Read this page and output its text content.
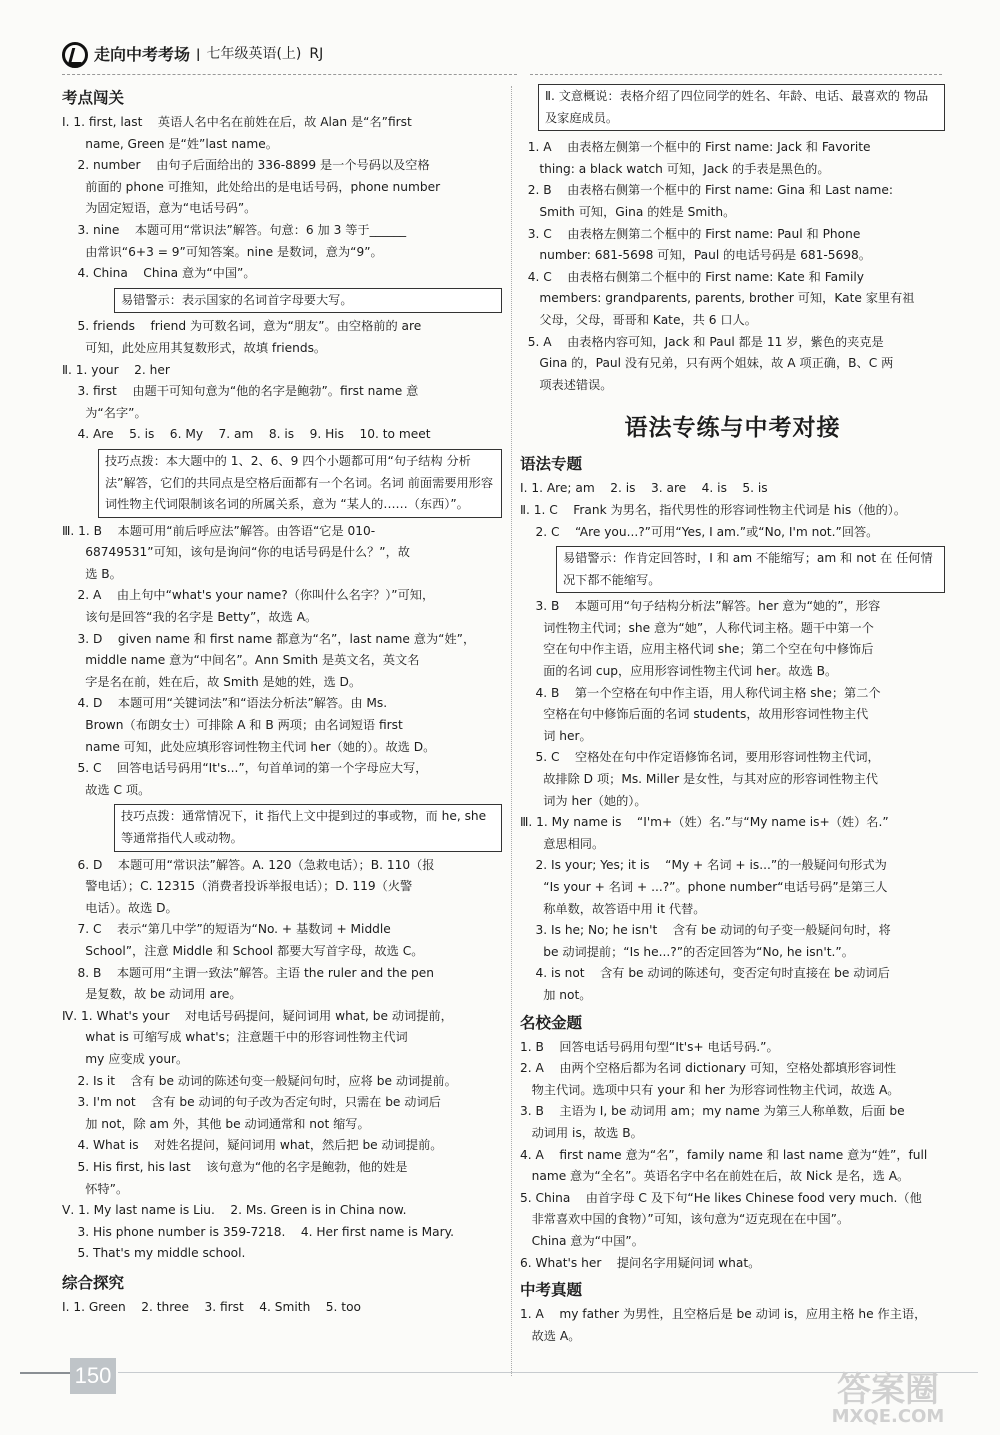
走向中考考场 | 七年级英语(上) RJ
考点闯关
Ⅰ. 1. first, last    英语人名中名在前姓在后，故 Alan 是“名”first
name, Green 是“姓”last name。
2. number    由句子后面给出的 336-8899 是一个号码以及空格
前面的 phone 可推知，此处给出的是电话号码，phone number
为固定短语，意为“电话号码”。
3. nine    本题可用“常识法”解答。句意：6 加 3 等于______
由常识“6+3 = 9”可知答案。nine 是数词，意为“9”。
4. China    China 意为“中国”。
易错警示：表示国家的名词首字母要大写。
5. friends    friend 为可数名词，意为“朋友”。由空格前的 are
可知，此处应用其复数形式，故填 friends。
Ⅱ. 1. your    2. her
3. first    由题干可知句意为“他的名字是鲍勃”。first name 意
为“名字”。
4. Are    5. is    6. My    7. am    8. is    9. His    10. to meet
技巧点拨：本大题中的 1、2、6、9 四个小题都可用“句子结构 分析法”解答，它们的共同点是空格后面都有一个名词。名词 前面需要用形容词性物主代词限制该名词的所属关系，意为 “某人的……（东西）”。
Ⅲ. 1. B    本题可用“前后呼应法”解答。由答语“它是 010-
68749531”可知，该句是询问“你的电话号码是什么？”，故
选 B。
2. A    由上句中“what's your name?（你叫什么名字？）”可知，
该句是回答“我的名字是 Betty”，故选 A。
3. D    given name 和 first name 都意为“名”，last name 意为“姓”，
middle name 意为“中间名”。Ann Smith 是英文名，英文名
字是名在前，姓在后，故 Smith 是她的姓，选 D。
4. D    本题可用“关键词法”和“语法分析法”解答。由 Ms.
Brown（布朗女士）可排除 A 和 B 两项；由名词短语 first
name 可知，此处应填形容词性物主代词 her（她的）。故选 D。
5. C    回答电话号码用“It's...”，句首单词的第一个字母应大写，
故选 C 项。
技巧点拨：通常情况下，it 指代上文中提到过的事或物，而 he, she 等通常指代人或动物。
6. D    本题可用“常识法”解答。A. 120（急救电话）；B. 110（报
警电话）；C. 12315（消费者投诉举报电话）；D. 119（火警
电话）。故选 D。
7. C    表示“第几中学”的短语为“No. + 基数词 + Middle
School”，注意 Middle 和 School 都要大写首字母，故选 C。
8. B    本题可用“主谓一致法”解答。主语 the ruler and the pen
是复数，故 be 动词用 are。
Ⅳ. 1. What's your    对电话号码提问，疑问词用 what, be 动词提前，
what is 可缩写成 what's；注意题干中的形容词性物主代词
my 应变成 your。
2. Is it    含有 be 动词的陈述句变一般疑问句时，应将 be 动词提前。
3. I'm not    含有 be 动词的句子改为否定句时，只需在 be 动词后
加 not，除 am 外，其他 be 动词通常和 not 缩写。
4. What is    对姓名提问，疑问词用 what，然后把 be 动词提前。
5. His first, his last    该句意为“他的名字是鲍勃，他的姓是
怀特”。
Ⅴ. 1. My last name is Liu.    2. Ms. Green is in China now.
3. His phone number is 359-7218.    4. Her first name is Mary.
5. That's my middle school.
综合探究
Ⅰ. 1. Green    2. three    3. first    4. Smith    5. too
Ⅱ. 文意概说：表格介绍了四位同学的姓名、年龄、电话、最喜欢的 物品及家庭成员。
1. A    由表格左侧第一个框中的 First name: Jack 和 Favorite
thing: a black watch 可知，Jack 的手表是黑色的。
2. B    由表格右侧第一个框中的 First name: Gina 和 Last name:
Smith 可知，Gina 的姓是 Smith。
3. C    由表格左侧第二个框中的 First name: Paul 和 Phone
number: 681-5698 可知，Paul 的电话号码是 681-5698。
4. C    由表格右侧第二个框中的 First name: Kate 和 Family
members: grandparents, parents, brother 可知，Kate 家里有祖
父母，父母，哥哥和 Kate，共 6 口人。
5. A    由表格内容可知，Jack 和 Paul 都是 11 岁，紫色的夹克是
Gina 的，Paul 没有兄弟，只有两个姐妹，故 A 项正确，B、C 两
项表述错误。
语法专练与中考对接
语法专题
Ⅰ. 1. Are; am    2. is    3. are    4. is    5. is
Ⅱ. 1. C    Frank 为男名，指代男性的形容词性物主代词是 his（他的）。
2. C    “Are you...?”可用“Yes, I am.”或“No, I'm not.”回答。
易错警示：作肯定回答时，I 和 am 不能缩写；am 和 not 在 任何情况下都不能缩写。
3. B    本题可用“句子结构分析法”解答。her 意为“她的”，形容
词性物主代词；she 意为“她”，人称代词主格。题干中第一个
空在句中作主语，应用主格代词 she；第二个空在句中修饰后
面的名词 cup，应用形容词性物主代词 her。故选 B。
4. B    第一个空格在句中作主语，用人称代词主格 she；第二个
空格在句中修饰后面的名词 students，故用形容词性物主代
词 her。
5. C    空格处在句中作定语修饰名词，要用形容词性物主代词，
故排除 D 项；Ms. Miller 是女性，与其对应的形容词性物主代
词为 her（她的）。
Ⅲ. 1. My name is    “I'm+（姓）名.”与“My name is+（姓）名.”
意思相同。
2. Is your; Yes; it is    “My + 名词 + is...”的一般疑问句形式为
“Is your + 名词 + ...?”。phone number“电话号码”是第三人
称单数，故答语中用 it 代替。
3. Is he; No; he isn't    含有 be 动词的句子变一般疑问句时，将
be 动词提前；“Is he...?”的否定回答为“No, he isn't.”。
4. is not    含有 be 动词的陈述句，变否定句时直接在 be 动词后
加 not。
名校金题
1. B    回答电话号码用句型“It's+ 电话号码.”。
2. A    由两个空格后都为名词 dictionary 可知，空格处都填形容词性
物主代词。选项中只有 your 和 her 为形容词性物主代词，故选 A。
3. B    主语为 I, be 动词用 am；my name 为第三人称单数，后面 be
动词用 is，故选 B。
4. A    first name 意为“名”，family name 和 last name 意为“姓”，full
name 意为“全名”。英语名字中名在前姓在后，故 Nick 是名，选 A。
5. China    由首字母 C 及下句“He likes Chinese food very much.（他
非常喜欢中国的食物）”可知，该句意为“迈克现在在中国”。
China 意为“中国”。
6. What's her    提问名字用疑问词 what。
中考真题
1. A    my father 为男性，且空格后是 be 动词 is，应用主格 he 作主语，
故选 A。
150	答案圈
MXQE.COM
